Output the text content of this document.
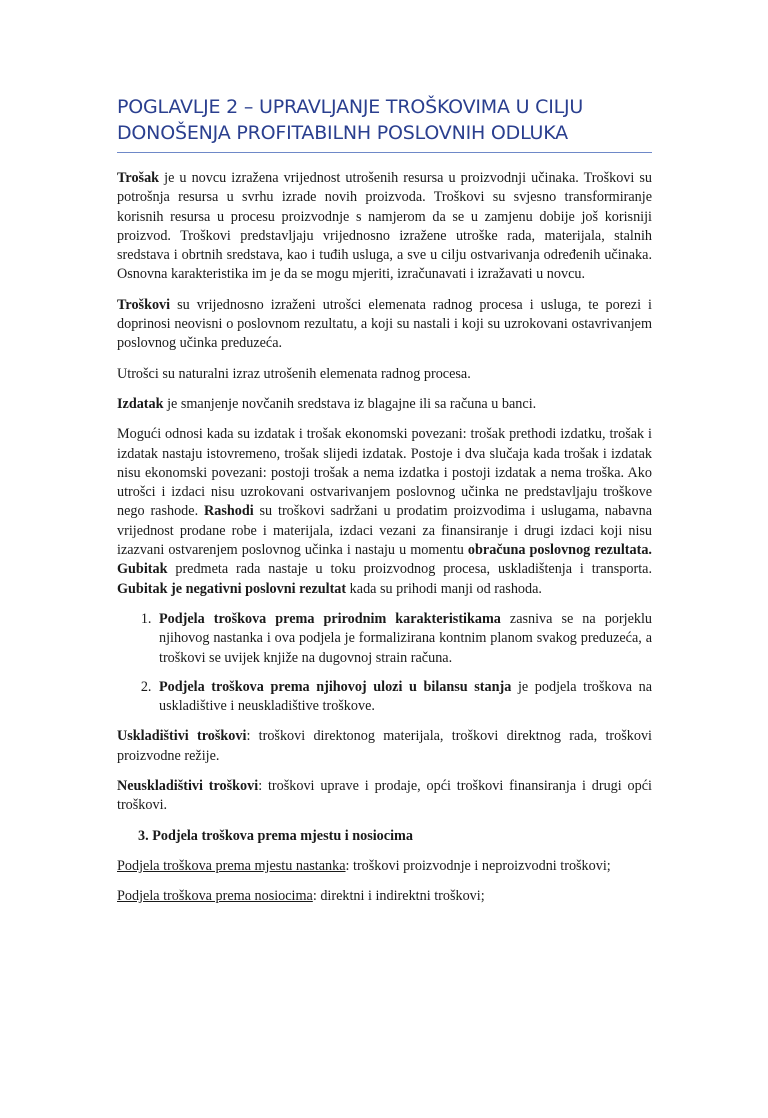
POGLAVLJE 2 – UPRAVLJANJE TROŠKOVIMA U CILJU DONOŠENJA PROFITABILNH POSLOVNIH ODLUKA

Trošak je u novcu izražena vrijednost utrošenih resursa u proizvodnji učinaka. Troškovi su potrošnja resursa u svrhu izrade novih proizvoda. Troškovi su svjesno transformiranje korisnih resursa u procesu proizvodnje s namjerom da se u zamjenu dobije još korisniji proizvod. Troškovi predstavljaju vrijednosno izražene utroške rada, materijala, stalnih sredstava i obrtnih sredstava, kao i tuđih usluga, a sve u cilju ostvarivanja određenih učinaka. Osnovna karakteristika im je da se mogu mjeriti, izračunavati i izražavati u novcu.

Troškovi su vrijednosno izraženi utrošci elemenata radnog procesa i usluga, te porezi i doprinosi neovisni o poslovnom rezultatu, a koji su nastali i koji su uzrokovani ostavrivanjem poslovnog učinka preduzeća.

Utrošci su naturalni izraz utrošenih elemenata radnog procesa.

Izdatak je smanjenje novčanih sredstava iz blagajne ili sa računa u banci.

Mogući odnosi kada su izdatak i trošak ekonomski povezani: trošak prethodi izdatku, trošak i izdatak nastaju istovremeno, trošak slijedi izdatak. Postoje i dva slučaja kada trošak i izdatak nisu ekonomski povezani: postoji trošak a nema izdatka i postoji izdatak a nema troška. Ako utrošci i izdaci nisu uzrokovani ostvarivanjem poslovnog učinka ne predstavljaju troškove nego rashode. Rashodi su troškovi sadržani u prodatim proizvodima i uslugama, nabavna vrijednost prodane robe i materijala, izdaci vezani za finansiranje i drugi izdaci koji nisu izazvani ostvarenjem poslovnog učinka i nastaju u momentu obračuna poslovnog rezultata. Gubitak predmeta rada nastaje u toku proizvodnog procesa, uskladištenja i transporta. Gubitak je negativni poslovni rezultat kada su prihodi manji od rashoda.

1. Podjela troškova prema prirodnim karakteristikama zasniva se na porjeklu njihovog nastanka i ova podjela je formalizirana kontnim planom svakog preduzeća, a troškovi se uvijek knjiže na dugovnoj strain računa.
2. Podjela troškova prema njihovoj ulozi u bilansu stanja je podjela troškova na uskladištive i neuskladištive troškove.

Uskladištivi troškovi: troškovi direktonog materijala, troškovi direktnog rada, troškovi proizvodne režije.

Neuskladištivi troškovi: troškovi uprave i prodaje, opći troškovi finansiranja i drugi opći troškovi.

3. Podjela troškova prema mjestu i nosiocima

Podjela troškova prema mjestu nastanka: troškovi proizvodnje i neproizvodni troškovi;

Podjela troškova prema nosiocima: direktni i indirektni troškovi;
